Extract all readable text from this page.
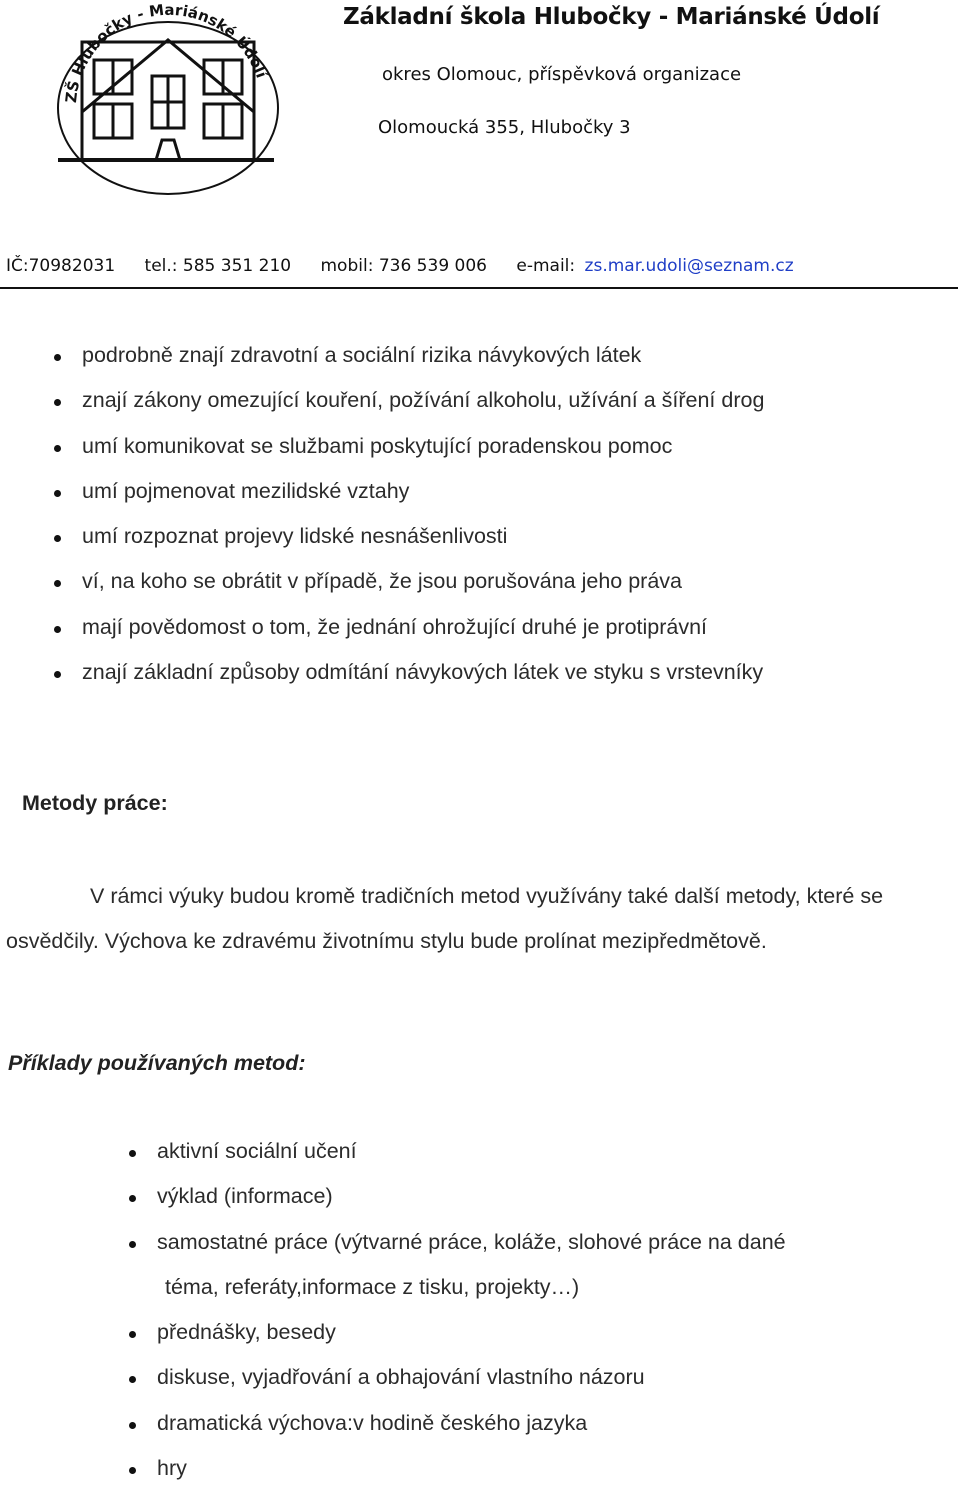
ZŠ Hlubočky - Mariánské Údolí
Základní škola Hlubočky - Mariánské Údolí
okres Olomouc, příspěvková organizace
Olomoucká 355, Hlubočky 3
IČ:70982031 tel.: 585 351 210 mobil: 736 539 006 e-mail: zs.mar.udoli@seznam.cz
podrobně znají zdravotní a sociální rizika návykových látek
znají zákony omezující kouření, požívání alkoholu, užívání a šíření drog
umí komunikovat se službami poskytující poradenskou pomoc
umí pojmenovat mezilidské vztahy
umí rozpoznat projevy lidské nesnášenlivosti
ví, na koho se obrátit v případě, že jsou porušována jeho práva
mají povědomost o tom, že jednání ohrožující druhé je protiprávní
znají základní způsoby odmítání návykových látek ve styku s vrstevníky
Metody práce:
V rámci výuky budou kromě tradičních metod využívány také další metody, které se osvědčily. Výchova ke zdravému životnímu stylu bude prolínat mezipředmětově.
Příklady používaných metod:
aktivní sociální učení
výklad (informace)
samostatné práce (výtvarné práce, koláže, slohové práce na dané
téma, referáty,informace z tisku, projekty…)
přednášky, besedy
diskuse, vyjadřování a obhajování vlastního názoru
dramatická výchova:v hodině českého jazyka
hry
